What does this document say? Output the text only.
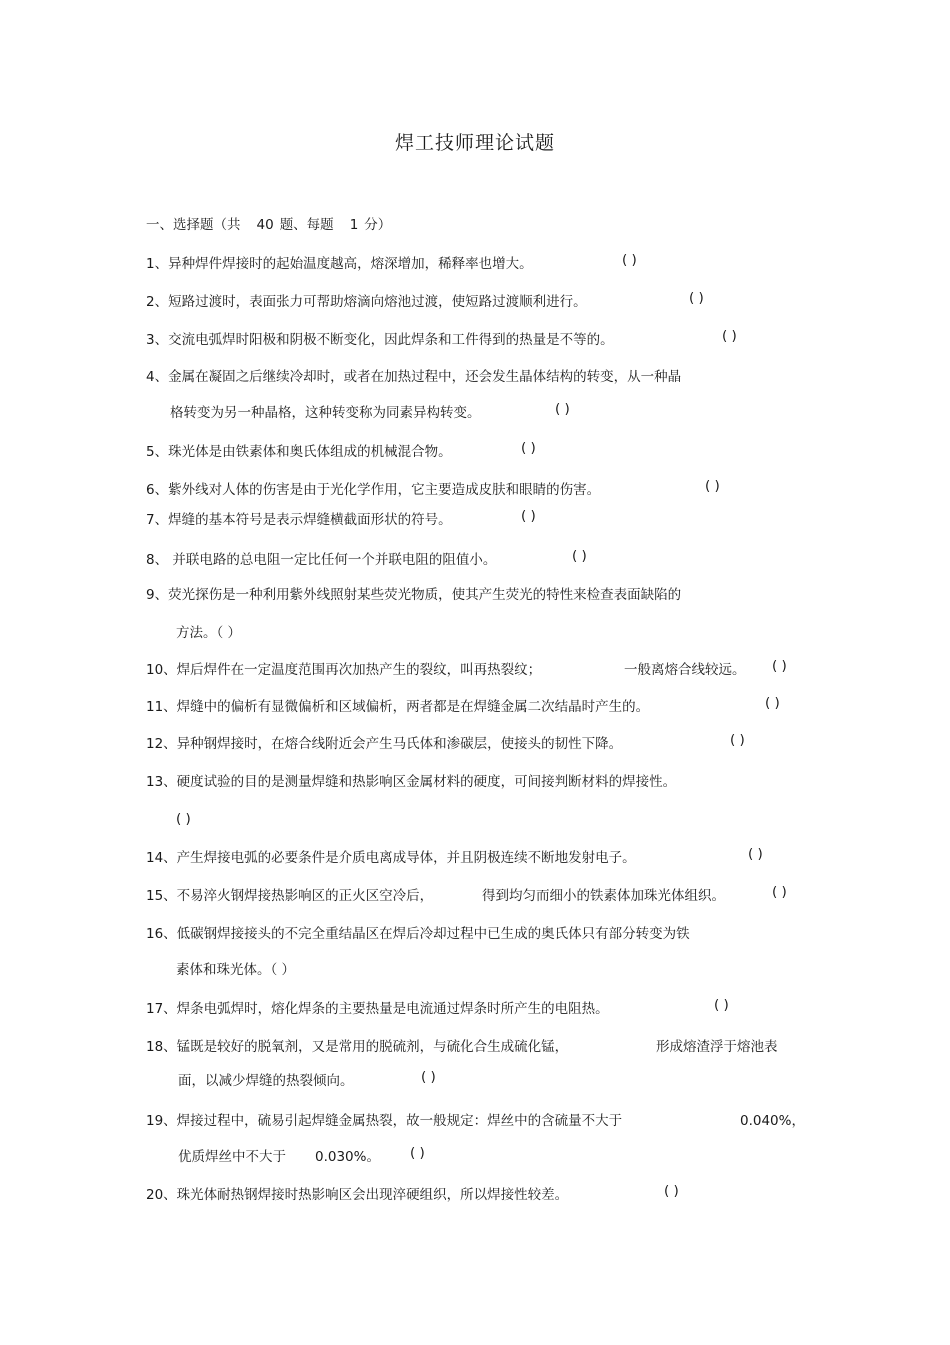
焊工技师理论试题
一、选择题（共 40 题、每题 1 分）
1、异种焊件焊接时的起始温度越高，熔深增加，稀释率也增大。	( )
2、短路过渡时，表面张力可帮助熔滴向熔池过渡，使短路过渡顺利进行。	( )
3、交流电弧焊时阳极和阴极不断变化，因此焊条和工件得到的热量是不等的。	( )
4、金属在凝固之后继续冷却时，或者在加热过程中，还会发生晶体结构的转变，从一种晶
格转变为另一种晶格，这种转变称为同素异构转变。	( )
5、珠光体是由铁素体和奥氏体组成的机械混合物。	( )
6、紫外线对人体的伤害是由于光化学作用，它主要造成皮肤和眼睛的伤害。	( )
7、焊缝的基本符号是表示焊缝横截面形状的符号。	( )
8、 并联电路的总电阻一定比任何一个并联电阻的阻值小。	( )
9、荧光探伤是一种利用紫外线照射某些荧光物质，使其产生荧光的特性来检查表面缺陷的
方法。（ ）
10、焊后焊件在一定温度范围再次加热产生的裂纹，叫再热裂纹；	一般离熔合线较远。 ( )
11、焊缝中的偏析有显微偏析和区域偏析，两者都是在焊缝金属二次结晶时产生的。	( )
12、异种钢焊接时，在熔合线附近会产生马氏体和渗碳层，使接头的韧性下降。	( )
13、硬度试验的目的是测量焊缝和热影响区金属材料的硬度，可间接判断材料的焊接性。
( )
14、产生焊接电弧的必要条件是介质电离成导体，并且阴极连续不断地发射电子。	( )
15、不易淬火钢焊接热影响区的正火区空冷后，	得到均匀而细小的铁素体加珠光体组织。	( )
16、低碳钢焊接接头的不完全重结晶区在焊后冷却过程中已生成的奥氏体只有部分转变为铁
素体和珠光体。（ ）
17、焊条电弧焊时，熔化焊条的主要热量是电流通过焊条时所产生的电阻热。	( )
18、锰既是较好的脱氧剂，又是常用的脱硫剂，与硫化合生成硫化锰，	形成熔渣浮于熔池表
面，以减少焊缝的热裂倾向。	( )
19、焊接过程中，硫易引起焊缝金属热裂，故一般规定：焊丝中的含硫量不大于	0.040%，
优质焊丝中不大于 0.030%。 ( )
20、珠光体耐热钢焊接时热影响区会出现淬硬组织，所以焊接性较差。	( )
